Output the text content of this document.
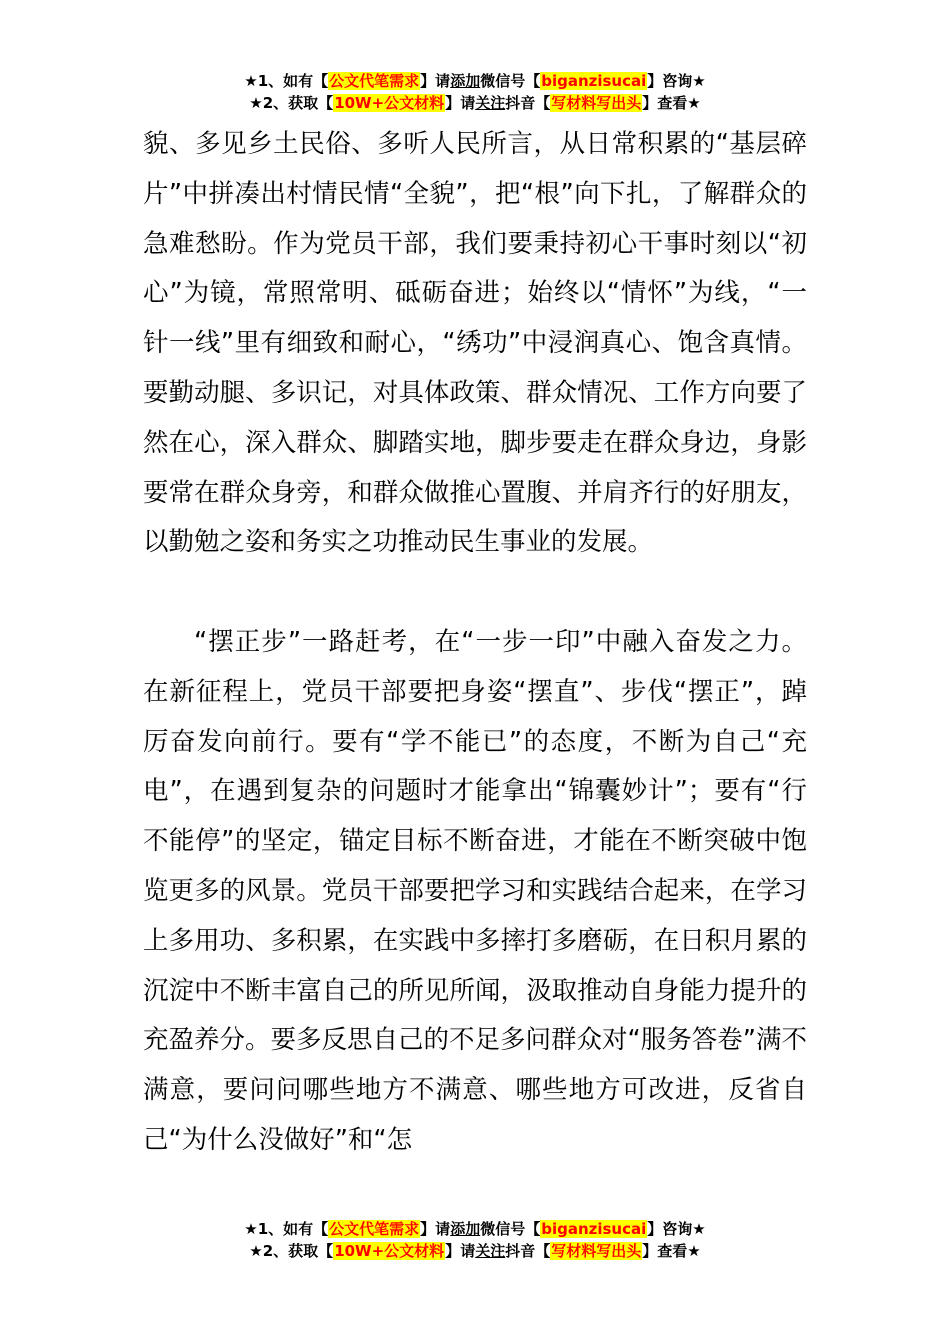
★1、如有【公文代笔需求】请添加微信号【biganzisucai】咨询★
★2、获取【10W+公文材料】请关注抖音【写材料写出头】查看★

貌、多见乡土民俗、多听人民所言，从日常积累的“基层碎片”中拼凑出村情民情“全貌”，把“根”向下扎，了解群众的急难愁盼。作为党员干部，我们要秉持初心干事时刻以“初心”为镜，常照常明、砥砺奋进；始终以“情怀”为线，“一针一线”里有细致和耐心，“绣功”中浸润真心、饱含真情。要勤动腿、多识记，对具体政策、群众情况、工作方向要了然在心，深入群众、脚踏实地，脚步要走在群众身边，身影要常在群众身旁，和群众做推心置腹、并肩齐行的好朋友，以勤勉之姿和务实之功推动民生事业的发展。

“摆正步”一路赶考，在“一步一印”中融入奋发之力。在新征程上，党员干部要把身姿“摆直”、步伐“摆正”，踔厉奋发向前行。要有“学不能已”的态度，不断为自己“充电”，在遇到复杂的问题时才能拿出“锦囊妙计”；要有“行不能停”的坚定，锚定目标不断奋进，才能在不断突破中饱览更多的风景。党员干部要把学习和实践结合起来，在学习上多用功、多积累，在实践中多摔打多磨砺，在日积月累的沉淀中不断丰富自己的所见所闻，汲取推动自身能力提升的充盈养分。要多反思自己的不足多问群众对“服务答卷”满不满意，要问问哪些地方不满意、哪些地方可改进，反省自己“为什么没做好”和“怎

★1、如有【公文代笔需求】请添加微信号【biganzisucai】咨询★
★2、获取【10W+公文材料】请关注抖音【写材料写出头】查看★
